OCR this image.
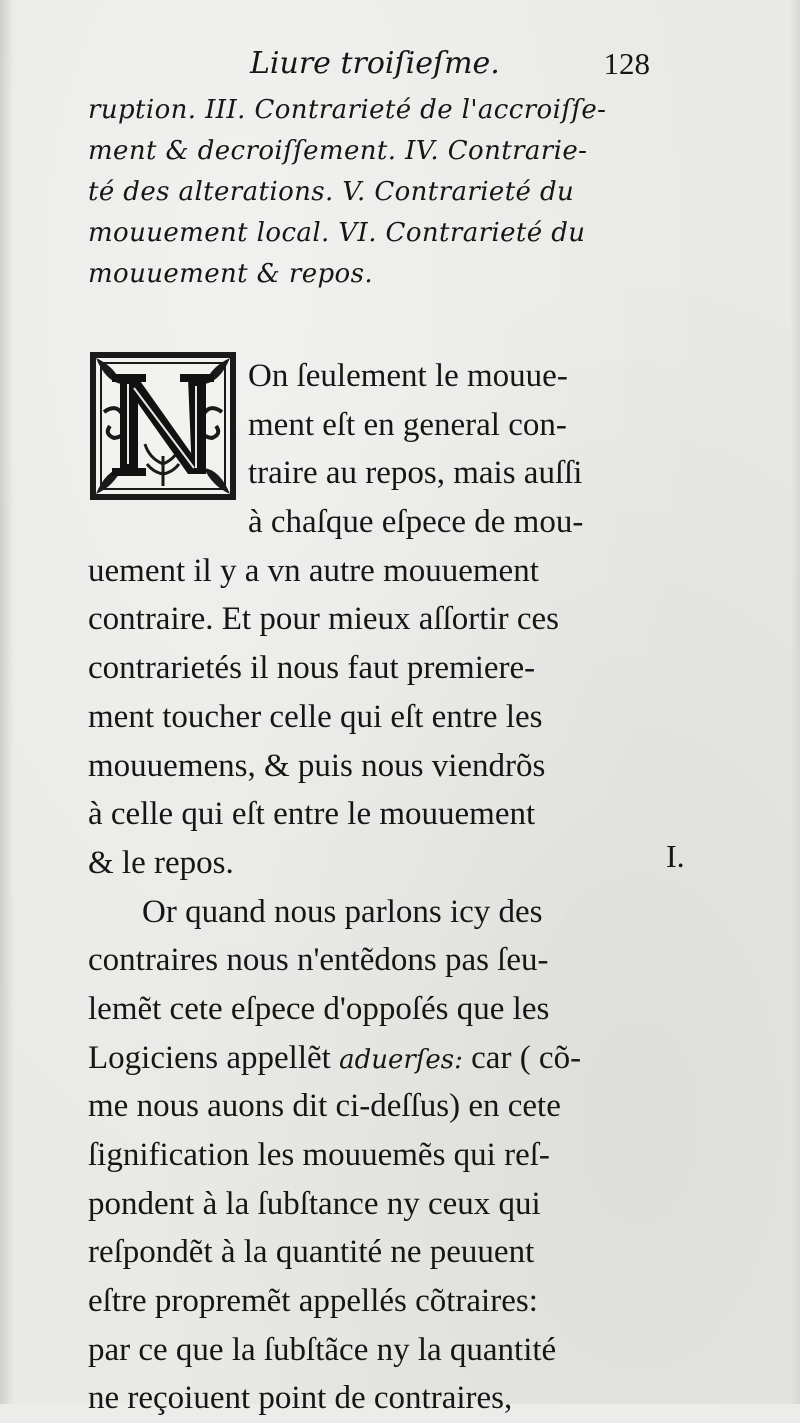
Liure troiſieſme.	128
ruption. III. Contrarieté de l'accroiſſe-
ment & decroiſſement. IV. Contrarie-
té des alterations. V. Contrarieté du
mouuement local. VI. Contrarieté du
mouuement & repos.
On ſeulement le mouue-
ment eſt en general con-
traire au repos, mais auſſi
à chaſque eſpece de mou-
uement il y a vn autre mouuement
contraire. Et pour mieux aſſortir ces
contrarietés il nous faut premiere-
ment toucher celle qui eſt entre les
mouuemens, & puis nous viendrõs
à celle qui eſt entre le mouuement
& le repos.
Or quand nous parlons icy des
contraires nous n'entẽdons pas ſeu-
lemẽt cete eſpece d'oppoſés que les
Logiciens appellẽt aduerſes: car ( cõ-
me nous auons dit ci-deſſus) en cete
ſignification les mouuemẽs qui reſ-
pondent à la ſubſtance ny ceux qui
reſpondẽt à la quantité ne peuuent
eſtre propremẽt appellés cõtraires:
par ce que la ſubſtãce ny la quantité
ne reçoiuent point de contraires,
I.
